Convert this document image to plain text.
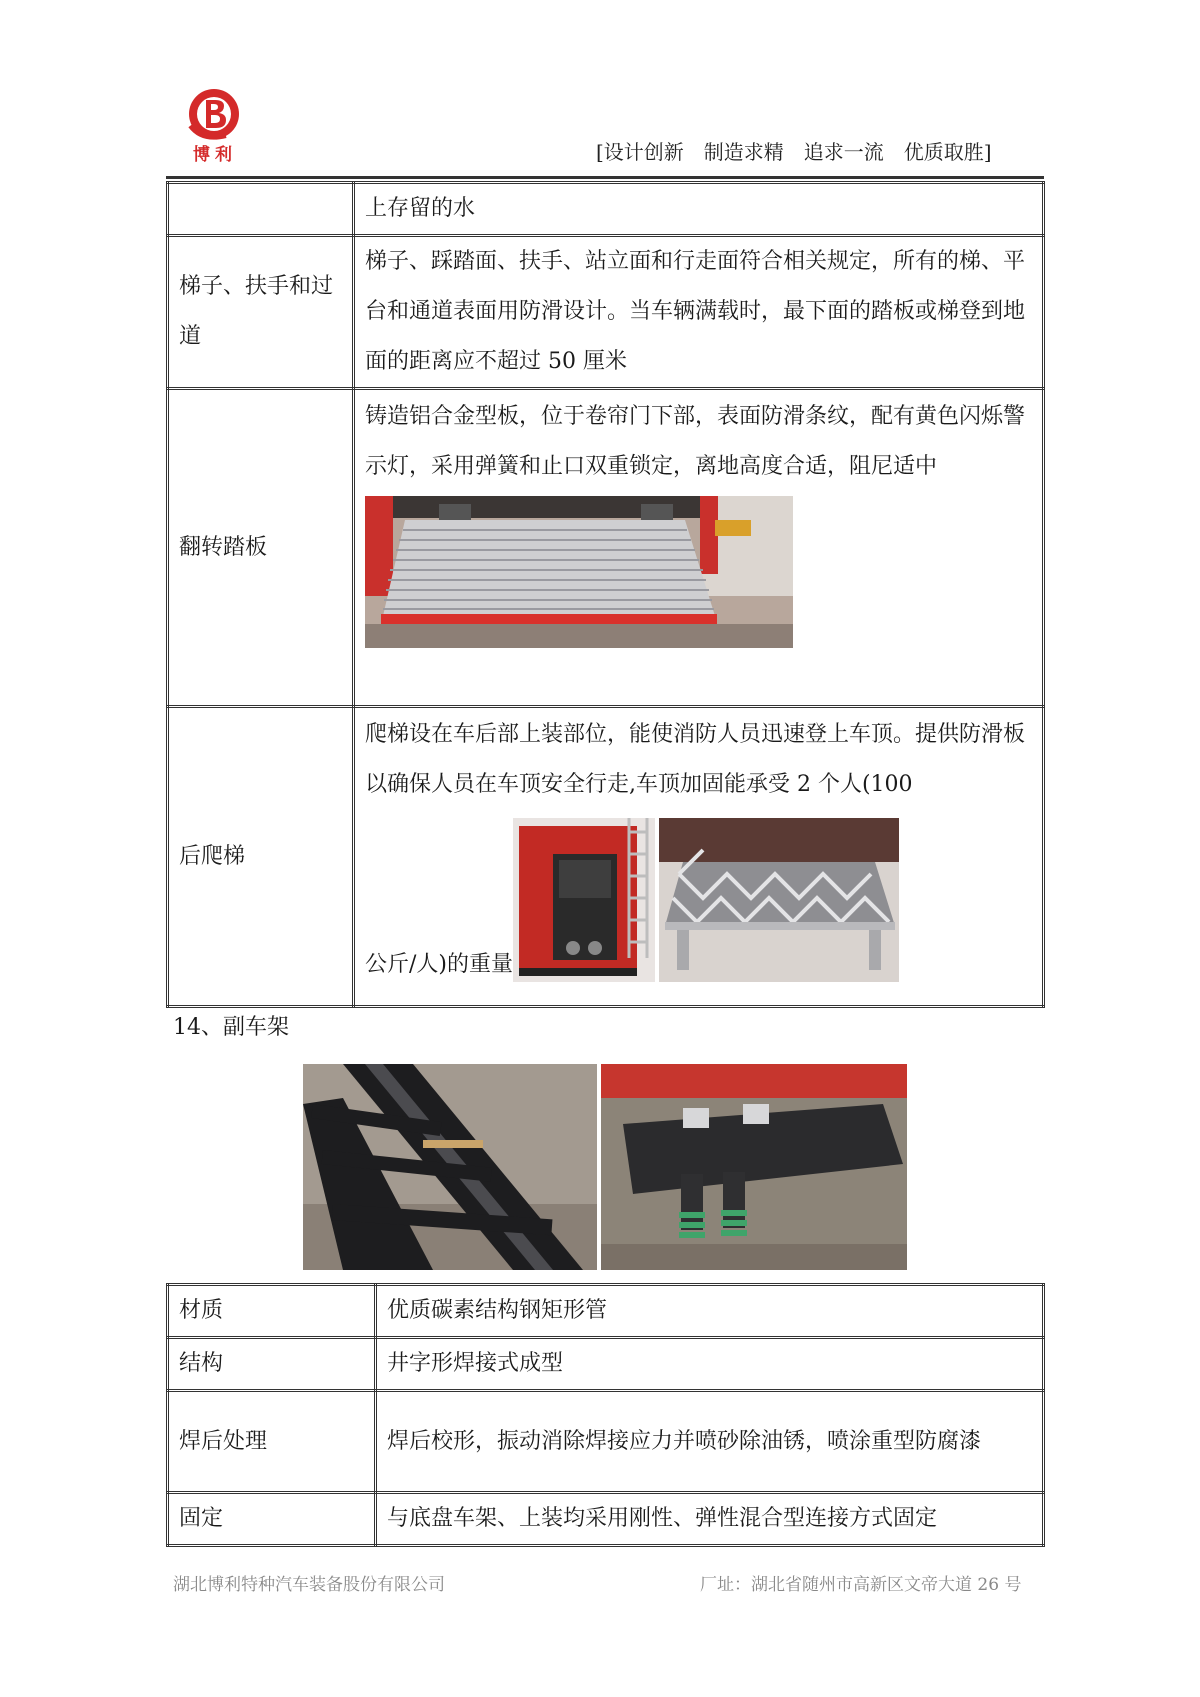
博利	[设计创新　制造求精　追求一流　优质取胜]
	上存留的水
梯子、扶手和过道	梯子、踩踏面、扶手、站立面和行走面符合相关规定，所有的梯、平台和通道表面用防滑设计。当车辆满载时，最下面的踏板或梯登到地面的距离应不超过 50 厘米
翻转踏板	铸造铝合金型板，位于卷帘门下部，表面防滑条纹，配有黄色闪烁警示灯，采用弹簧和止口双重锁定，离地高度合适，阻尼适中

后爬梯	爬梯设在车后部上装部位，能使消防人员迅速登上车顶。提供防滑板以确保人员在车顶安全行走,车顶加固能承受 2 个人(100
公斤/人)的重量
14、副车架
材质	优质碳素结构钢矩形管
结构	井字形焊接式成型
焊后处理	焊后校形，振动消除焊接应力并喷砂除油锈，喷涂重型防腐漆
固定	与底盘车架、上装均采用刚性、弹性混合型连接方式固定
湖北博利特种汽车装备股份有限公司	厂址：湖北省随州市高新区文帝大道 26 号
